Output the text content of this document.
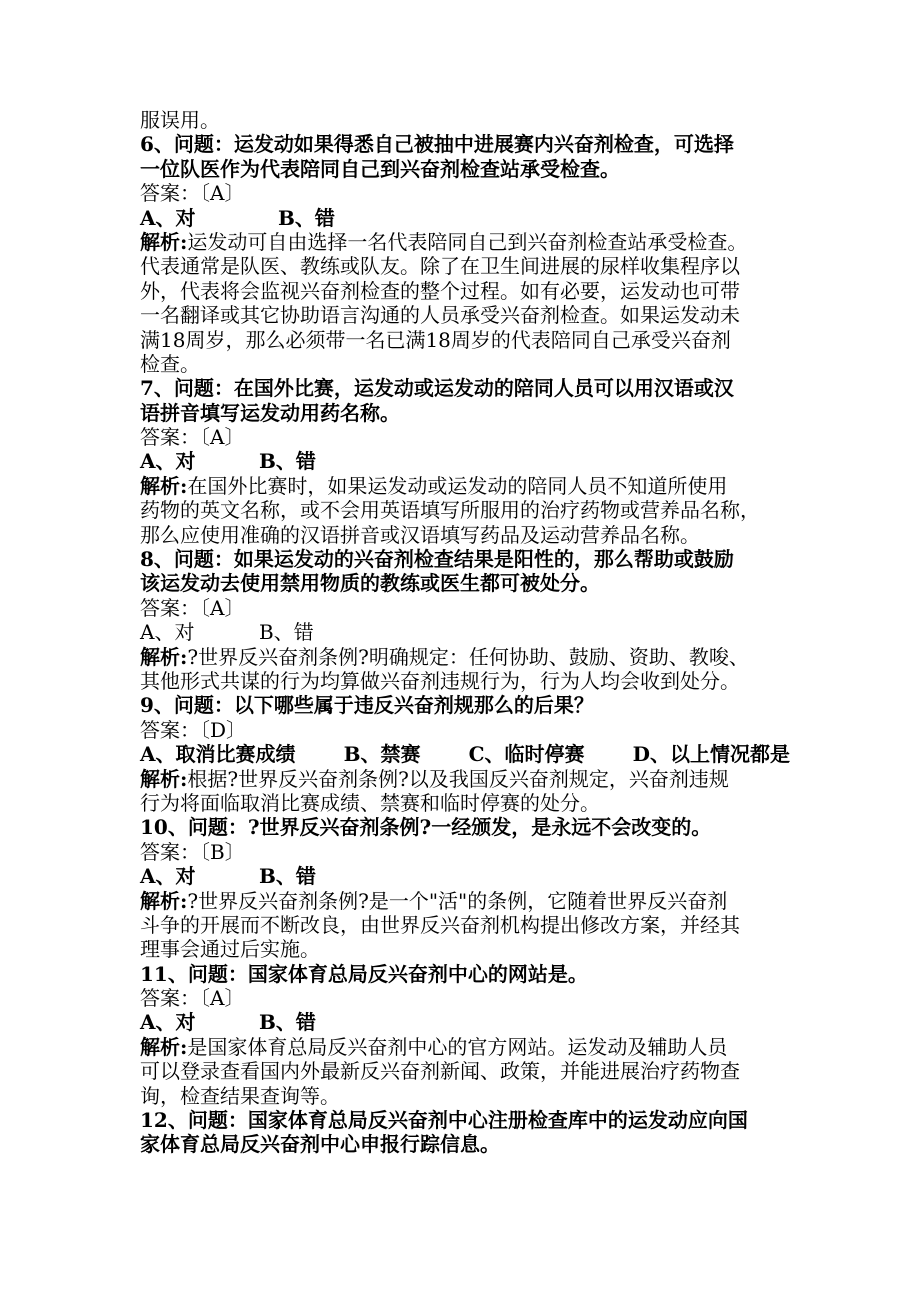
服误用。
6、问题：运发动如果得悉自己被抽中进展赛内兴奋剂检查，可选择
一位队医作为代表陪同自己到兴奋剂检查站承受检查。
答案：〔A〕
A、对	B、错
解析:运发动可自由选择一名代表陪同自己到兴奋剂检查站承受检查。
代表通常是队医、教练或队友。除了在卫生间进展的尿样收集程序以
外，代表将会监视兴奋剂检查的整个过程。如有必要，运发动也可带
一名翻译或其它协助语言沟通的人员承受兴奋剂检查。如果运发动未
满18周岁，那么必须带一名已满18周岁的代表陪同自己承受兴奋剂
检查。
7、问题：在国外比赛，运发动或运发动的陪同人员可以用汉语或汉
语拼音填写运发动用药名称。
答案：〔A〕
A、对	B、错
解析:在国外比赛时，如果运发动或运发动的陪同人员不知道所使用
药物的英文名称，或不会用英语填写所服用的治疗药物或营养品名称，
那么应使用准确的汉语拼音或汉语填写药品及运动营养品名称。
8、问题：如果运发动的兴奋剂检查结果是阳性的，那么帮助或鼓励
该运发动去使用禁用物质的教练或医生都可被处分。
答案：〔A〕
A、对	B、错
解析:?世界反兴奋剂条例?明确规定：任何协助、鼓励、资助、教唆、
其他形式共谋的行为均算做兴奋剂违规行为，行为人均会收到处分。
9、问题：以下哪些属于违反兴奋剂规那么的后果？
答案：〔D〕
A、取消比赛成绩 B、禁赛 C、临时停赛 D、以上情况都是
解析:根据?世界反兴奋剂条例?以及我国反兴奋剂规定，兴奋剂违规
行为将面临取消比赛成绩、禁赛和临时停赛的处分。
10、问题：?世界反兴奋剂条例?一经颁发，是永远不会改变的。
答案：〔B〕
A、对	B、错
解析:?世界反兴奋剂条例?是一个"活"的条例，它随着世界反兴奋剂
斗争的开展而不断改良，由世界反兴奋剂机构提出修改方案，并经其
理事会通过后实施。
11、问题：国家体育总局反兴奋剂中心的网站是。
答案：〔A〕
A、对	B、错
解析:是国家体育总局反兴奋剂中心的官方网站。运发动及辅助人员
可以登录查看国内外最新反兴奋剂新闻、政策，并能进展治疗药物查
询，检查结果查询等。
12、问题：国家体育总局反兴奋剂中心注册检查库中的运发动应向国
家体育总局反兴奋剂中心申报行踪信息。
